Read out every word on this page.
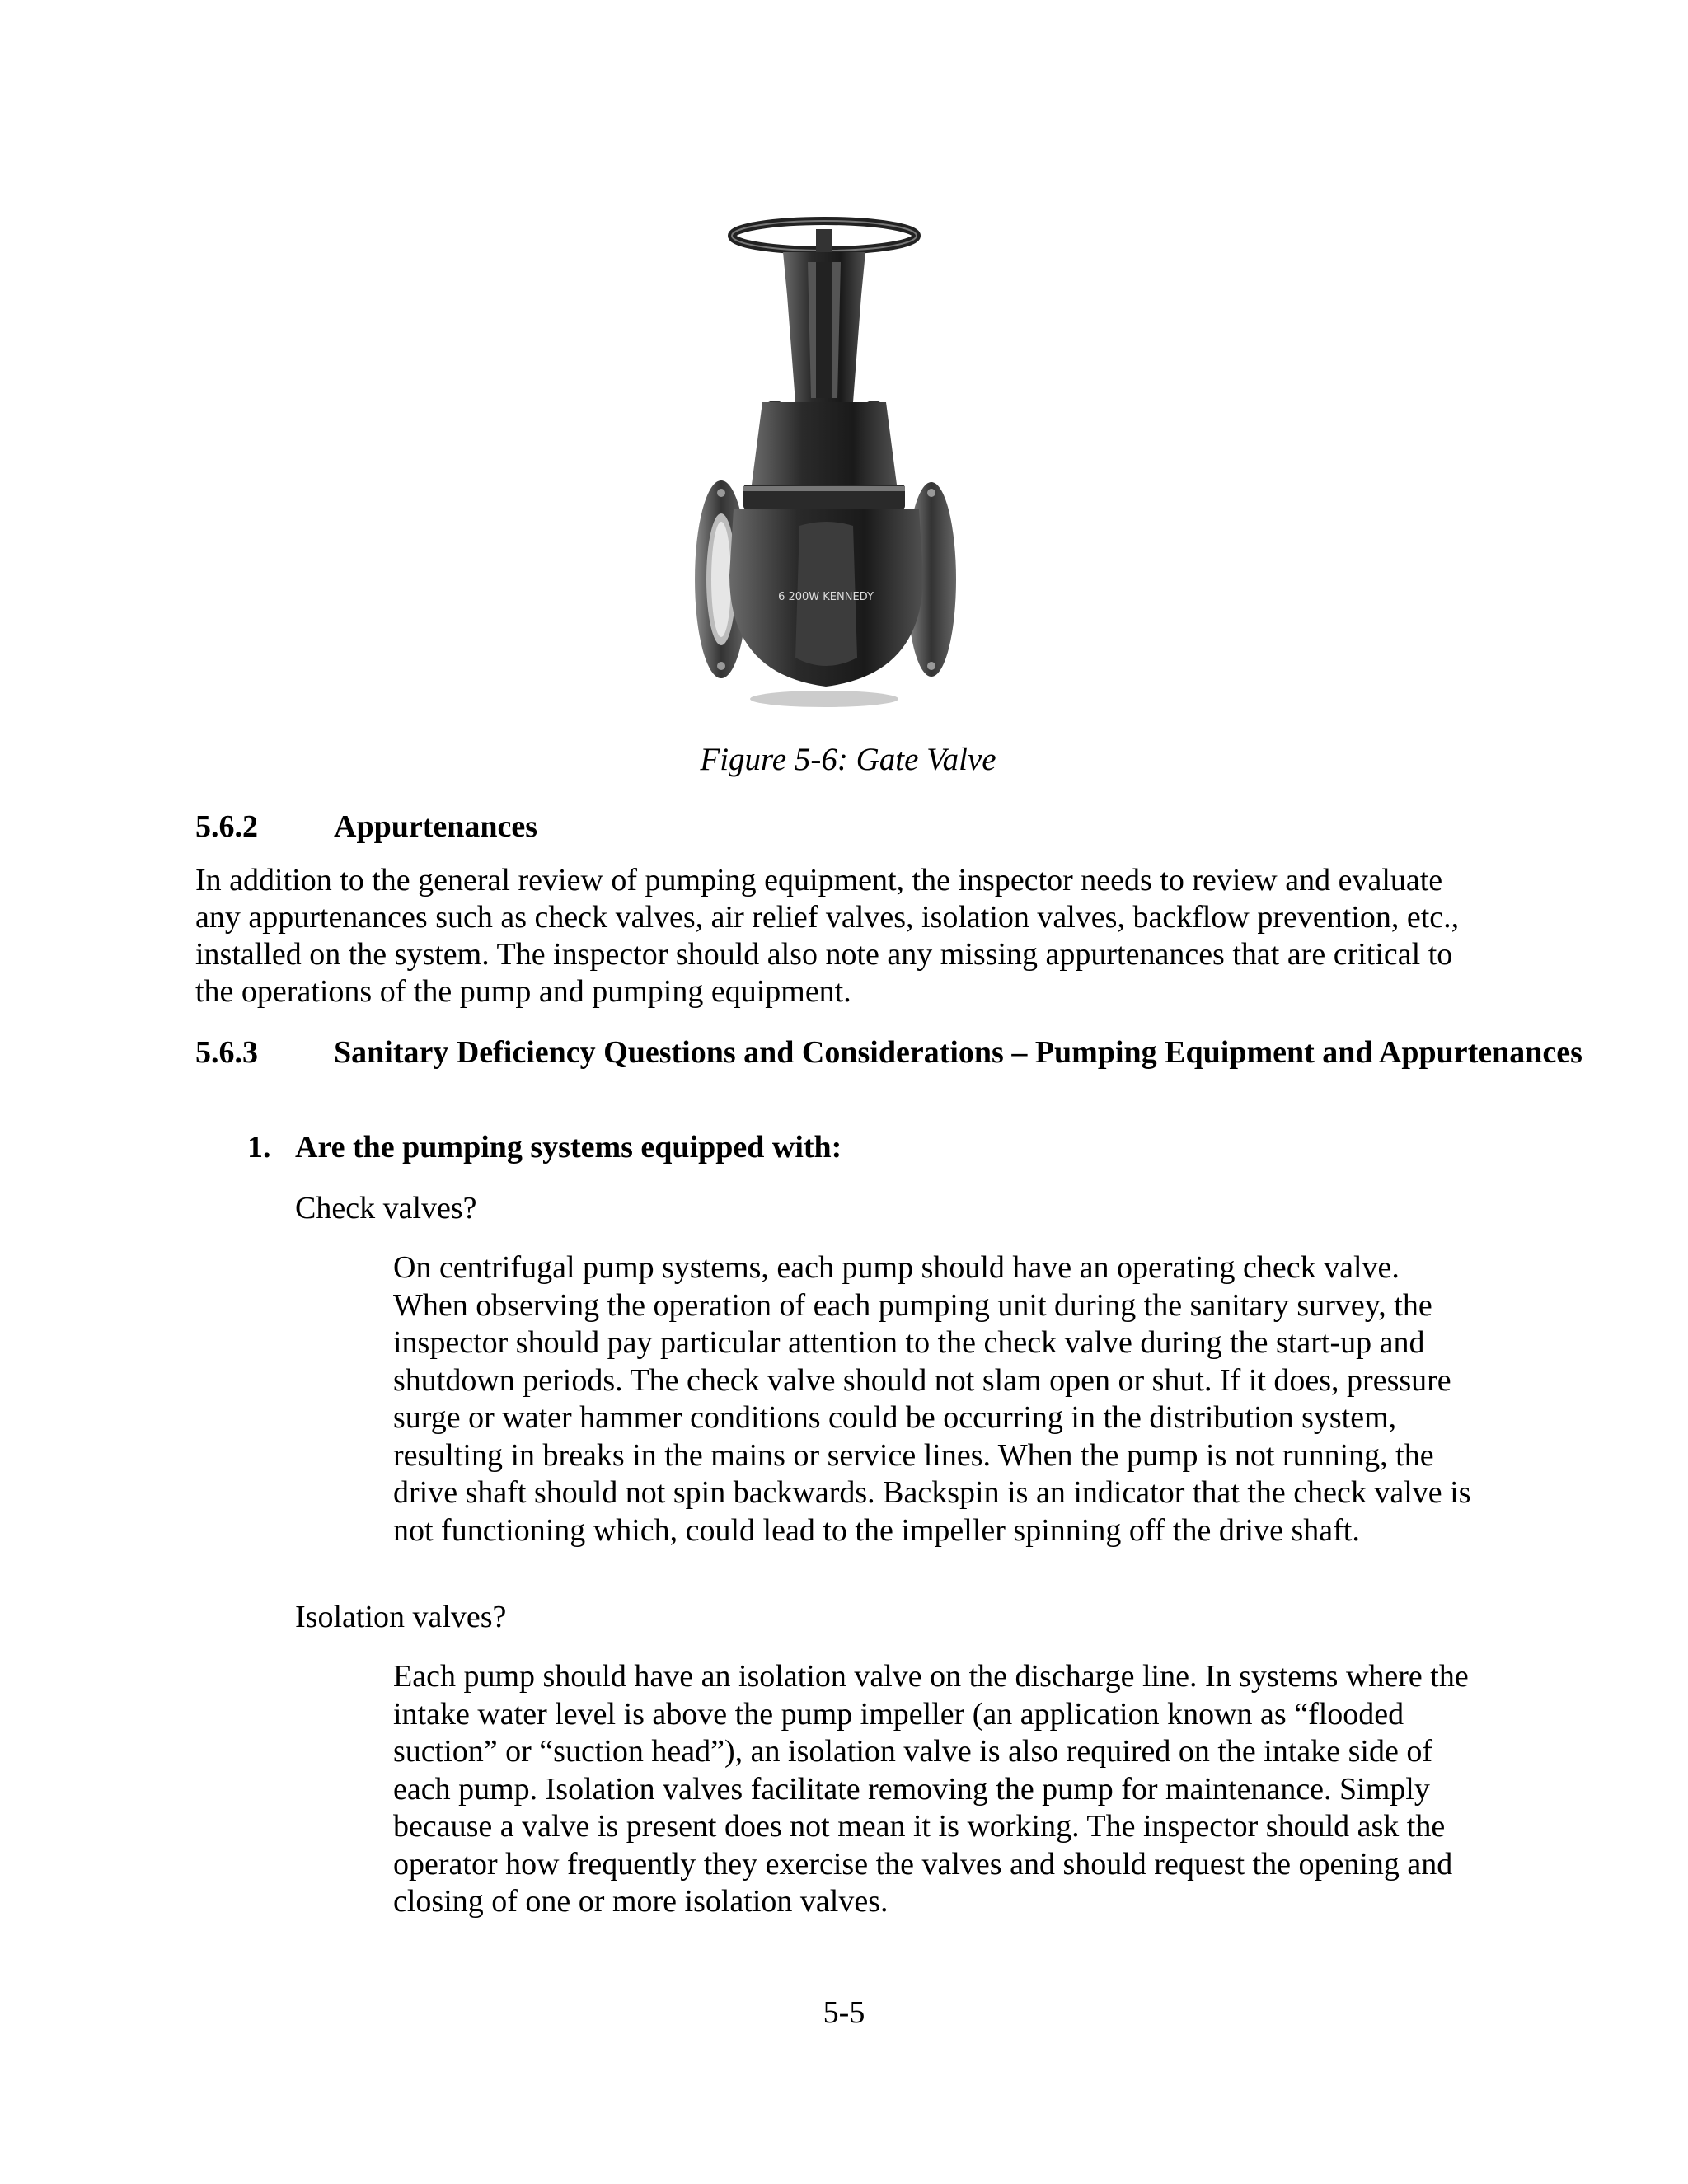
6 200W KENNEDY
Figure 5-6: Gate Valve
5.6.2 Appurtenances
In addition to the general review of pumping equipment, the inspector needs to review and evaluate any appurtenances such as check valves, air relief valves, isolation valves, backflow prevention, etc., installed on the system. The inspector should also note any missing appurtenances that are critical to the operations of the pump and pumping equipment.
5.6.3 Sanitary Deficiency Questions and Considerations – Pumping Equipment and Appurtenances
1. Are the pumping systems equipped with:
Check valves?
On centrifugal pump systems, each pump should have an operating check valve. When observing the operation of each pumping unit during the sanitary survey, the inspector should pay particular attention to the check valve during the start-up and shutdown periods. The check valve should not slam open or shut. If it does, pressure surge or water hammer conditions could be occurring in the distribution system, resulting in breaks in the mains or service lines. When the pump is not running, the drive shaft should not spin backwards. Backspin is an indicator that the check valve is not functioning which, could lead to the impeller spinning off the drive shaft.
Isolation valves?
Each pump should have an isolation valve on the discharge line. In systems where the intake water level is above the pump impeller (an application known as “flooded suction” or “suction head”), an isolation valve is also required on the intake side of each pump. Isolation valves facilitate removing the pump for maintenance. Simply because a valve is present does not mean it is working. The inspector should ask the operator how frequently they exercise the valves and should request the opening and closing of one or more isolation valves.
5-5
